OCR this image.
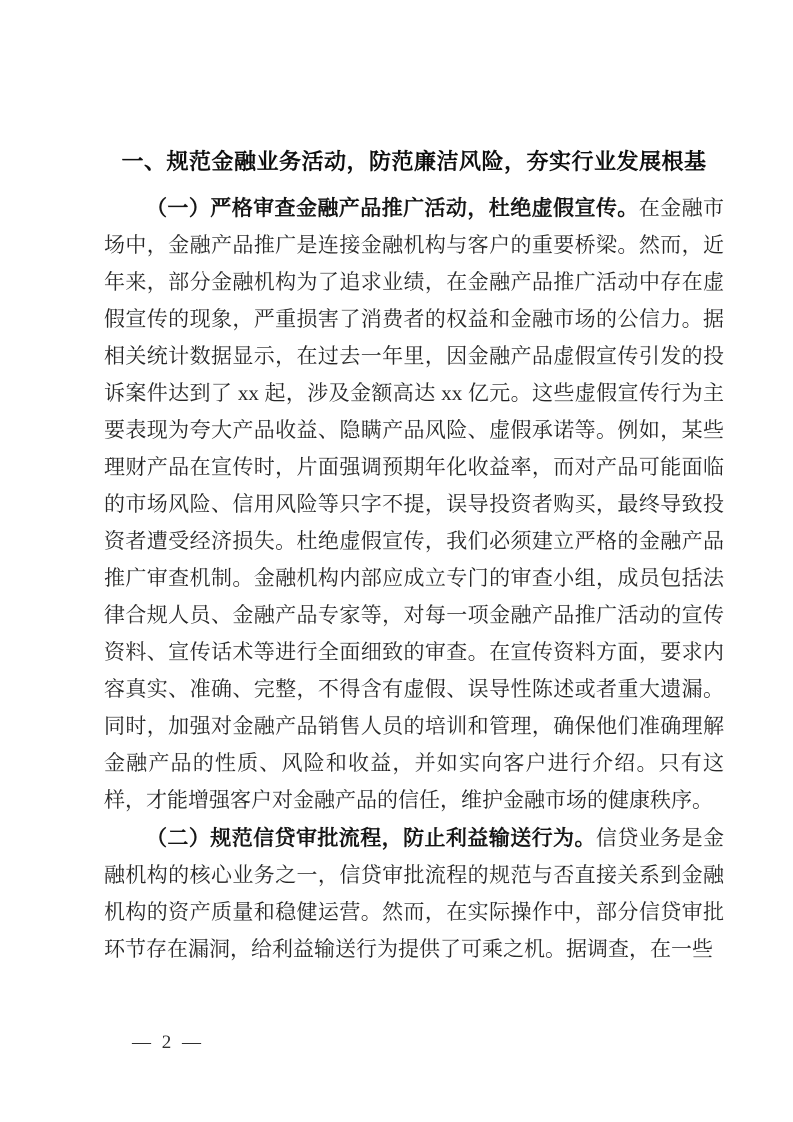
一、规范金融业务活动，防范廉洁风险，夯实行业发展根基

（一）严格审查金融产品推广活动，杜绝虚假宣传。在金融市场中，金融产品推广是连接金融机构与客户的重要桥梁。然而，近年来，部分金融机构为了追求业绩，在金融产品推广活动中存在虚假宣传的现象，严重损害了消费者的权益和金融市场的公信力。据相关统计数据显示，在过去一年里，因金融产品虚假宣传引发的投诉案件达到了 xx 起，涉及金额高达 xx 亿元。这些虚假宣传行为主要表现为夸大产品收益、隐瞒产品风险、虚假承诺等。例如，某些理财产品在宣传时，片面强调预期年化收益率，而对产品可能面临的市场风险、信用风险等只字不提，误导投资者购买，最终导致投资者遭受经济损失。杜绝虚假宣传，我们必须建立严格的金融产品推广审查机制。金融机构内部应成立专门的审查小组，成员包括法律合规人员、金融产品专家等，对每一项金融产品推广活动的宣传资料、宣传话术等进行全面细致的审查。在宣传资料方面，要求内容真实、准确、完整，不得含有虚假、误导性陈述或者重大遗漏。同时，加强对金融产品销售人员的培训和管理，确保他们准确理解金融产品的性质、风险和收益，并如实向客户进行介绍。只有这样，才能增强客户对金融产品的信任，维护金融市场的健康秩序。

（二）规范信贷审批流程，防止利益输送行为。信贷业务是金融机构的核心业务之一，信贷审批流程的规范与否直接关系到金融机构的资产质量和稳健运营。然而，在实际操作中，部分信贷审批环节存在漏洞，给利益输送行为提供了可乘之机。据调查，在一些

— 2 —
